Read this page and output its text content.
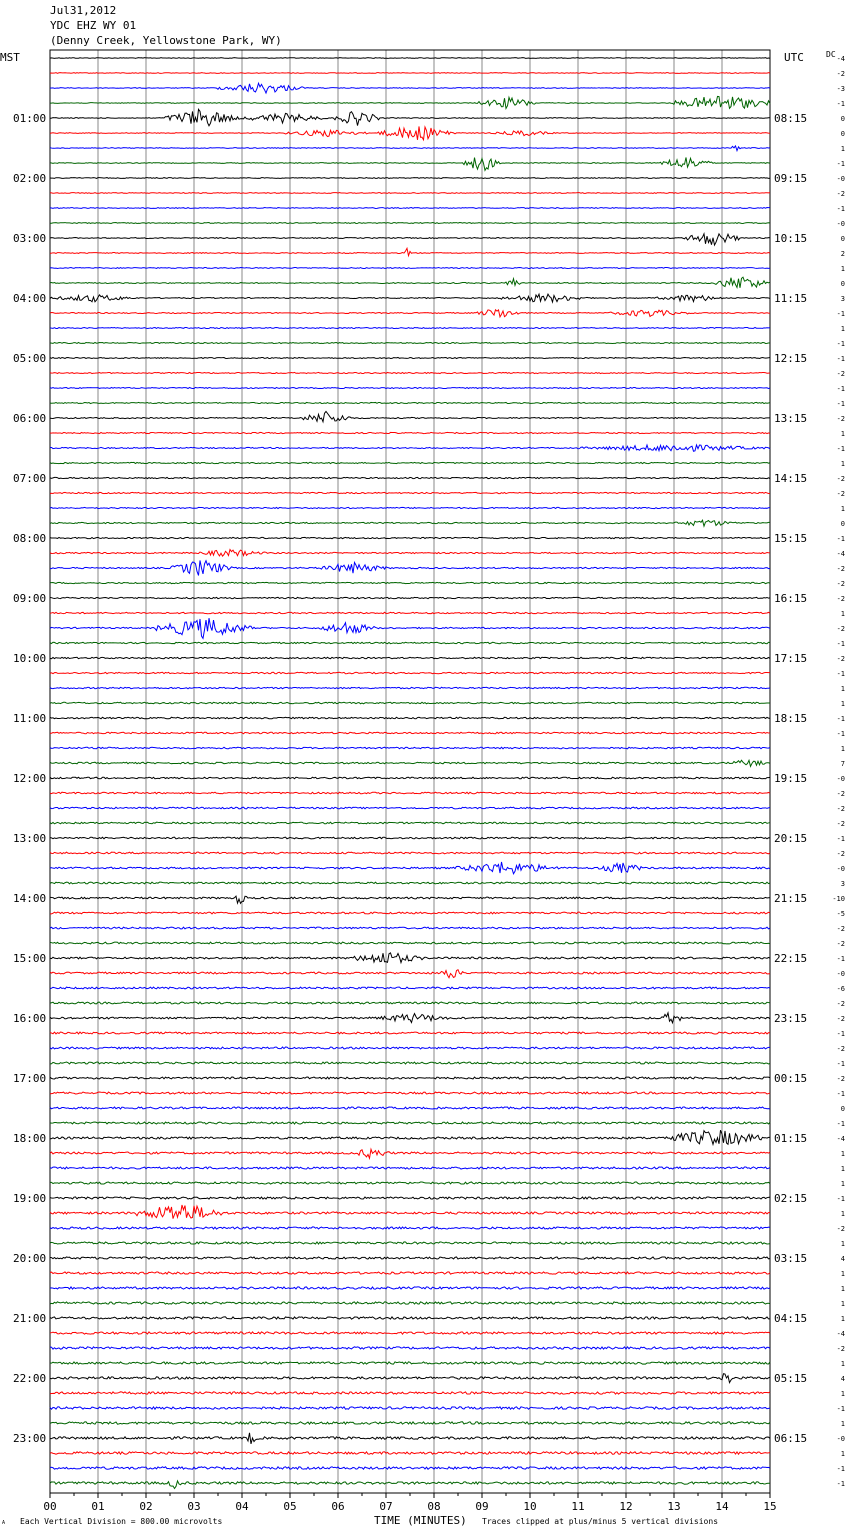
Jul31,2012
YDC EHZ WY 01
(Denny Creek, Yellowstone Park, WY)
MST	UTC	DC
01:00
02:00
03:00
04:00
05:00
06:00
07:00
08:00
09:00
10:00
11:00
12:00
13:00
14:00
15:00
16:00
17:00
18:00
19:00
20:00
21:00
22:00
23:00
08:15
09:15
10:15
11:15
12:15
13:15
14:15
15:15
16:15
17:15
18:15
19:15
20:15
21:15
22:15
23:15
00:15
01:15
02:15
03:15
04:15
05:15
06:15
-4
-2
-3
-1
0
0
1
-1
-0
-2
-1
-0
0
2
1
0
3
-1
1
-1
-1
-2
-1
-1
-2
1
-1
1
-2
-2
1
0
-1
-4
-2
-2
-2
1
-2
-1
-2
-1
1
1
-1
-1
1
7
-0
-2
-2
-2
-1
-2
-0
3
-10
-5
-2
-2
-1
-0
-6
-2
-2
-1
-2
-1
-2
-1
0
-1
-4
1
1
1
-1
1
-2
1
4
1
1
1
1
-4
-2
1
4
1
-1
1
-0
1
-1
-1
00	01	02	03	04	05	06	07	08	09	10	11	12	13	14	15
TIME (MINUTES)
Each Vertical Division = 800.00 microvolts	Traces clipped at plus/minus 5 vertical divisions
A
